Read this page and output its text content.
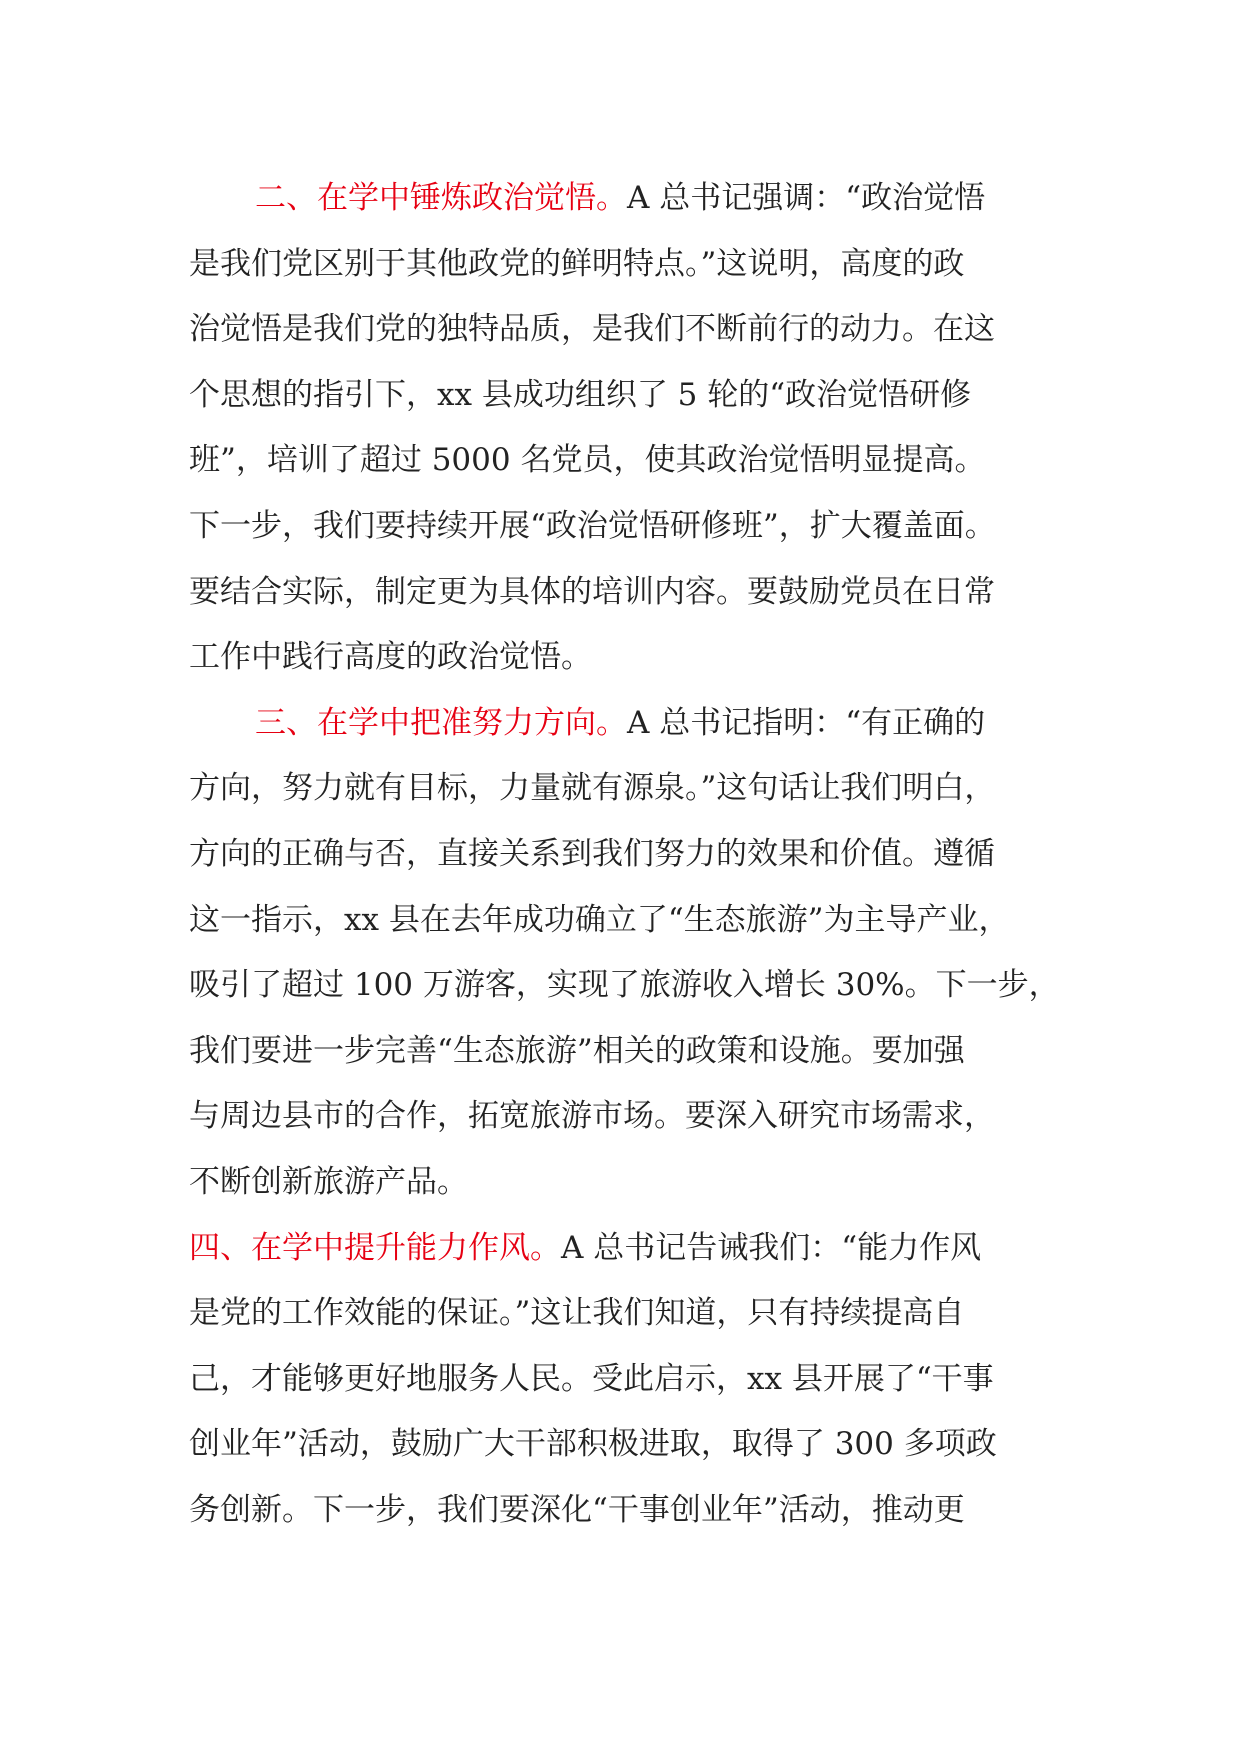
二、在学中锤炼政治觉悟。A 总书记强调：“政治觉悟
是我们党区别于其他政党的鲜明特点。”这说明，高度的政
治觉悟是我们党的独特品质，是我们不断前行的动力。在这
个思想的指引下，xx 县成功组织了 5 轮的“政治觉悟研修
班”，培训了超过 5000 名党员，使其政治觉悟明显提高。
下一步，我们要持续开展“政治觉悟研修班”，扩大覆盖面。
要结合实际，制定更为具体的培训内容。要鼓励党员在日常
工作中践行高度的政治觉悟。
三、在学中把准努力方向。A 总书记指明：“有正确的
方向，努力就有目标，力量就有源泉。”这句话让我们明白，
方向的正确与否，直接关系到我们努力的效果和价值。遵循
这一指示，xx 县在去年成功确立了“生态旅游”为主导产业，
吸引了超过 100 万游客，实现了旅游收入增长 30%。下一步，
我们要进一步完善“生态旅游”相关的政策和设施。要加强
与周边县市的合作，拓宽旅游市场。要深入研究市场需求，
不断创新旅游产品。
四、在学中提升能力作风。A 总书记告诫我们：“能力作风
是党的工作效能的保证。”这让我们知道，只有持续提高自
己，才能够更好地服务人民。受此启示，xx 县开展了“干事
创业年”活动，鼓励广大干部积极进取，取得了 300 多项政
务创新。下一步，我们要深化“干事创业年”活动，推动更
